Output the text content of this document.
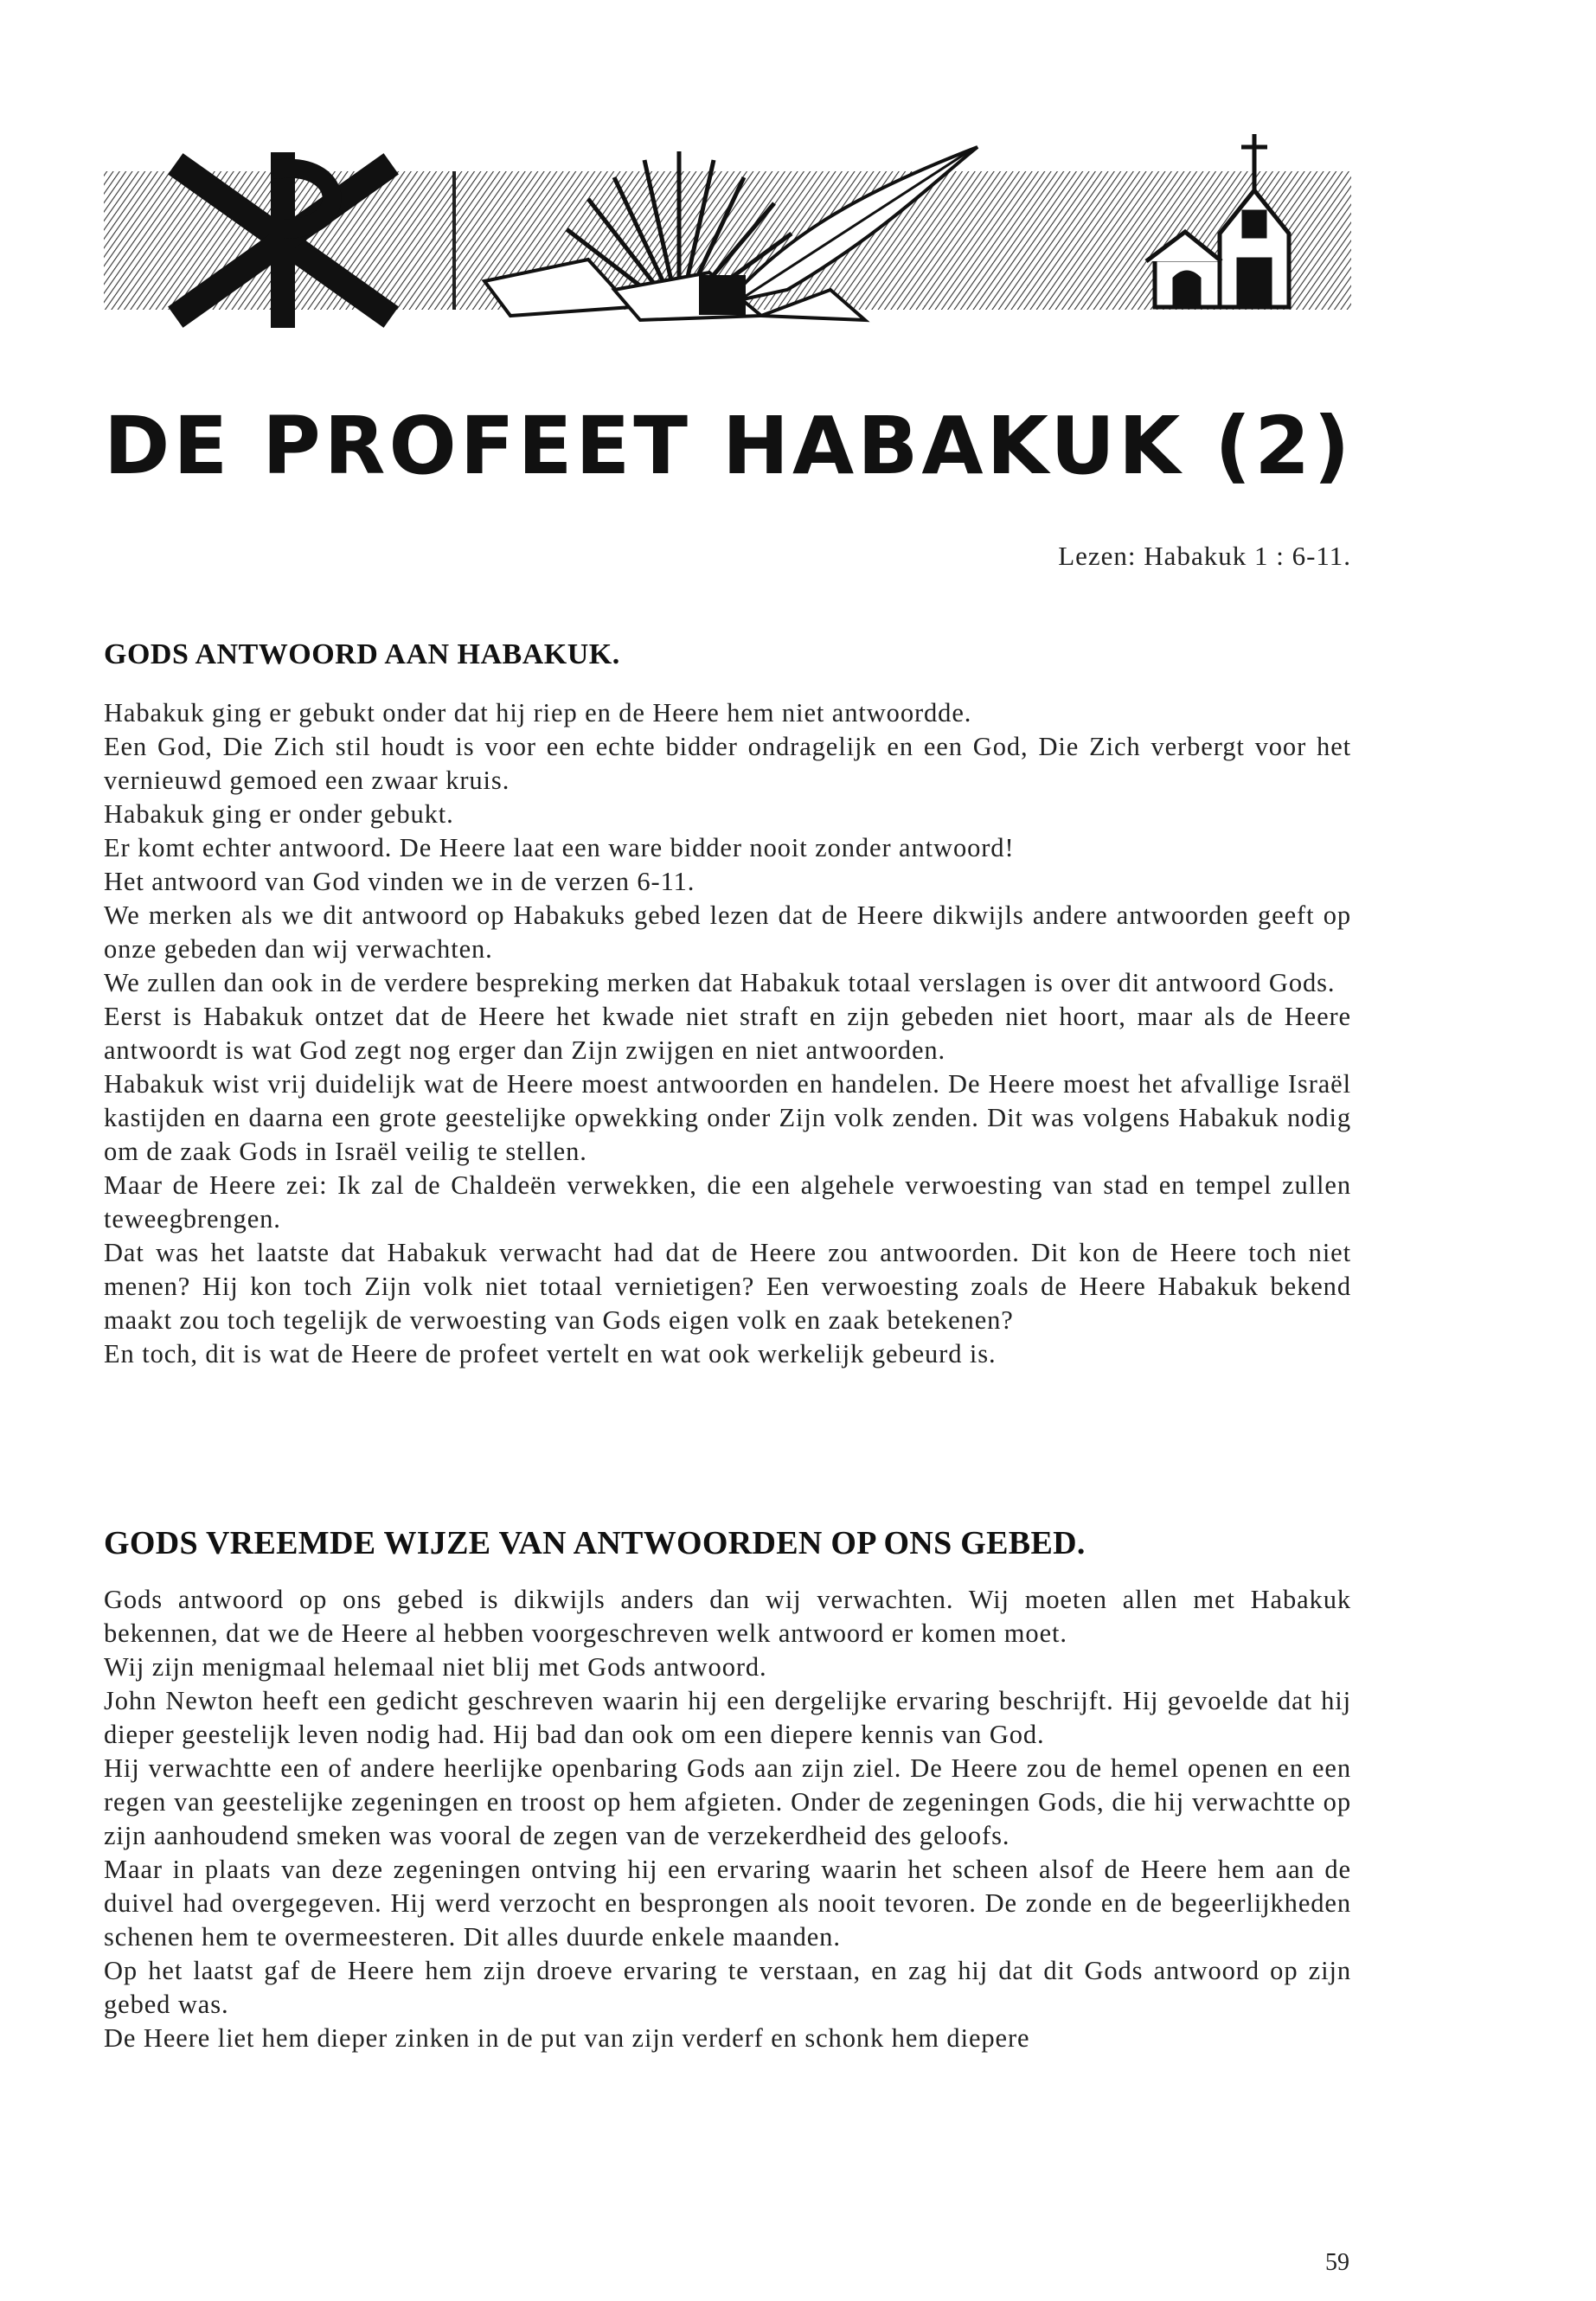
DE PROFEET HABAKUK (2)
Lezen: Habakuk 1 : 6-11.
GODS ANTWOORD AAN HABAKUK.

Habakuk ging er gebukt onder dat hij riep en de Heere hem niet antwoordde.

Een God, Die Zich stil houdt is voor een echte bidder ondragelijk en een God, Die Zich verbergt voor het vernieuwd gemoed een zwaar kruis.

Habakuk ging er onder gebukt.

Er komt echter antwoord. De Heere laat een ware bidder nooit zonder antwoord!

Het antwoord van God vinden we in de verzen 6-11.

We merken als we dit antwoord op Habakuks gebed lezen dat de Heere dikwijls andere antwoorden geeft op onze gebeden dan wij verwachten.

We zullen dan ook in de verdere bespreking merken dat Habakuk totaal verslagen is over dit antwoord Gods.

Eerst is Habakuk ontzet dat de Heere het kwade niet straft en zijn gebeden niet hoort, maar als de Heere antwoordt is wat God zegt nog erger dan Zijn zwijgen en niet antwoorden.

Habakuk wist vrij duidelijk wat de Heere moest antwoorden en handelen. De Heere moest het afvallige Israël kastijden en daarna een grote geestelijke opwekking onder Zijn volk zenden. Dit was volgens Habakuk nodig om de zaak Gods in Israël veilig te stellen.

Maar de Heere zei: Ik zal de Chaldeën verwekken, die een algehele verwoesting van stad en tempel zullen teweegbrengen.

Dat was het laatste dat Habakuk verwacht had dat de Heere zou antwoorden. Dit kon de Heere toch niet menen? Hij kon toch Zijn volk niet totaal vernietigen? Een verwoesting zoals de Heere Habakuk bekend maakt zou toch tegelijk de verwoesting van Gods eigen volk en zaak betekenen?

En toch, dit is wat de Heere de profeet vertelt en wat ook werkelijk gebeurd is.

GODS VREEMDE WIJZE VAN ANTWOORDEN OP ONS GEBED.

Gods antwoord op ons gebed is dikwijls anders dan wij verwachten. Wij moeten allen met Habakuk bekennen, dat we de Heere al hebben voorgeschreven welk antwoord er komen moet.

Wij zijn menigmaal helemaal niet blij met Gods antwoord.

John Newton heeft een gedicht geschreven waarin hij een dergelijke ervaring beschrijft. Hij gevoelde dat hij dieper geestelijk leven nodig had. Hij bad dan ook om een diepere kennis van God.

Hij verwachtte een of andere heerlijke openbaring Gods aan zijn ziel. De Heere zou de hemel openen en een regen van geestelijke zegeningen en troost op hem afgieten. Onder de zegeningen Gods, die hij verwachtte op zijn aanhoudend smeken was vooral de zegen van de verzekerdheid des geloofs.

Maar in plaats van deze zegeningen ontving hij een ervaring waarin het scheen alsof de Heere hem aan de duivel had overgegeven. Hij werd verzocht en besprongen als nooit tevoren. De zonde en de begeerlijkheden schenen hem te overmeesteren. Dit alles duurde enkele maanden.

Op het laatst gaf de Heere hem zijn droeve ervaring te verstaan, en zag hij dat dit Gods antwoord op zijn gebed was.

De Heere liet hem dieper zinken in de put van zijn verderf en schonk hem diepere

59
